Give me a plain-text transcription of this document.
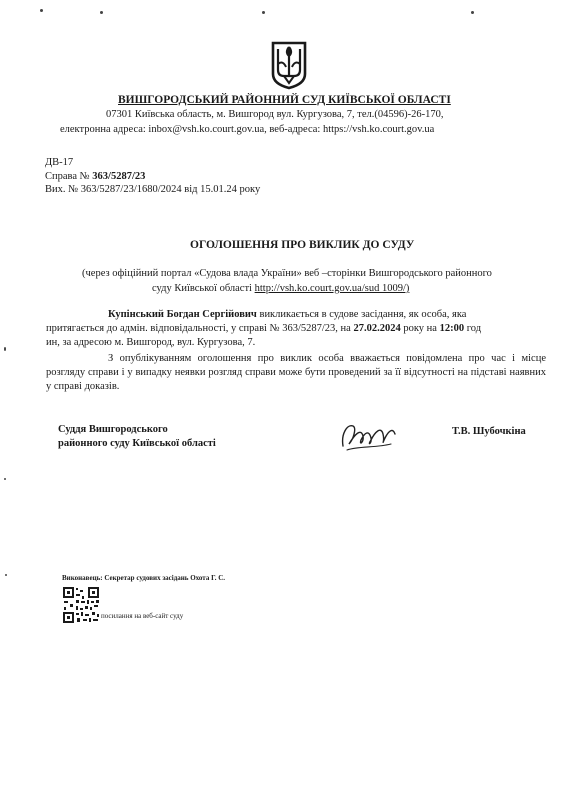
ВИШГОРОДСЬКИЙ РАЙОННИЙ СУД КИЇВСЬКОЇ ОБЛАСТІ
07301 Київська область, м. Вишгород вул. Кургузова, 7, тел.(04596)-26-170,
електронна адреса: inbox@vsh.ko.court.gov.ua, веб-адреса: https://vsh.ko.court.gov.ua
ДВ-17
Справа № 363/5287/23
Вих. № 363/5287/23/1680/2024 від 15.01.24 року
ОГОЛОШЕННЯ ПРО ВИКЛИК ДО СУДУ
(через офіційний портал «Судова влада України» веб –сторінки Вишгородського районного
суду Київської області http://vsh.ko.court.gov.ua/sud 1009/)
Купінський Богдан Сергійович викликається в судове засідання, як особа, яка
притягається до адмін. відповідальності, у справі № 363/5287/23, на 27.02.2024 року на 12:00 год
ин, за адресою м. Вишгород, вул. Кургузова, 7.
З опублікуванням оголошення про виклик особа вважається повідомлена про час і місце розгляду справи і у випадку неявки розгляд справи може бути проведений за її відсутності на підставі наявних у справі доказів.
Суддя Вишгородського
районного суду Київської області
Т.В. Шубочкіна
Виконавець: Секретар судових засідань Охота Г. С.
посилання на веб-сайт суду
